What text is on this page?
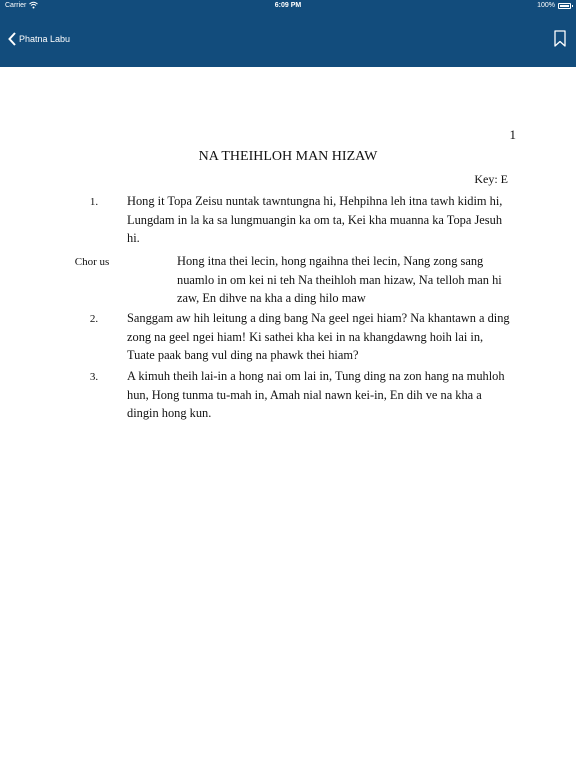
Carrier	6:09 PM	100%
Phatna Labu
1
NA THEIHLOH MAN HIZAW
Key: E
1.	Hong it Topa Zeisu nuntak tawntungna hi, Hehpihna leh itna tawh kidim hi, Lungdam in la ka sa lungmuangin ka om ta, Kei kha muanna ka Topa Jesuh hi.
Chor us	Hong itna thei lecin, hong ngaihna thei lecin, Nang zong sang nuamlo in om kei ni teh Na theihloh man hizaw, Na telloh man hi zaw, En dihve na kha a ding hilo maw
2.	Sanggam aw hih leitung a ding bang Na geel ngei hiam? Na khantawn a ding zong na geel ngei hiam! Ki sathei kha kei in na khangdawng hoih lai in, Tuate paak bang vul ding na phawk thei hiam?
3.	A kimuh theih lai-in a hong nai om lai in, Tung ding na zon hang na muhloh hun, Hong tunma tu-mah in, Amah nial nawn kei-in, En dih ve na kha a dingin hong kun.
